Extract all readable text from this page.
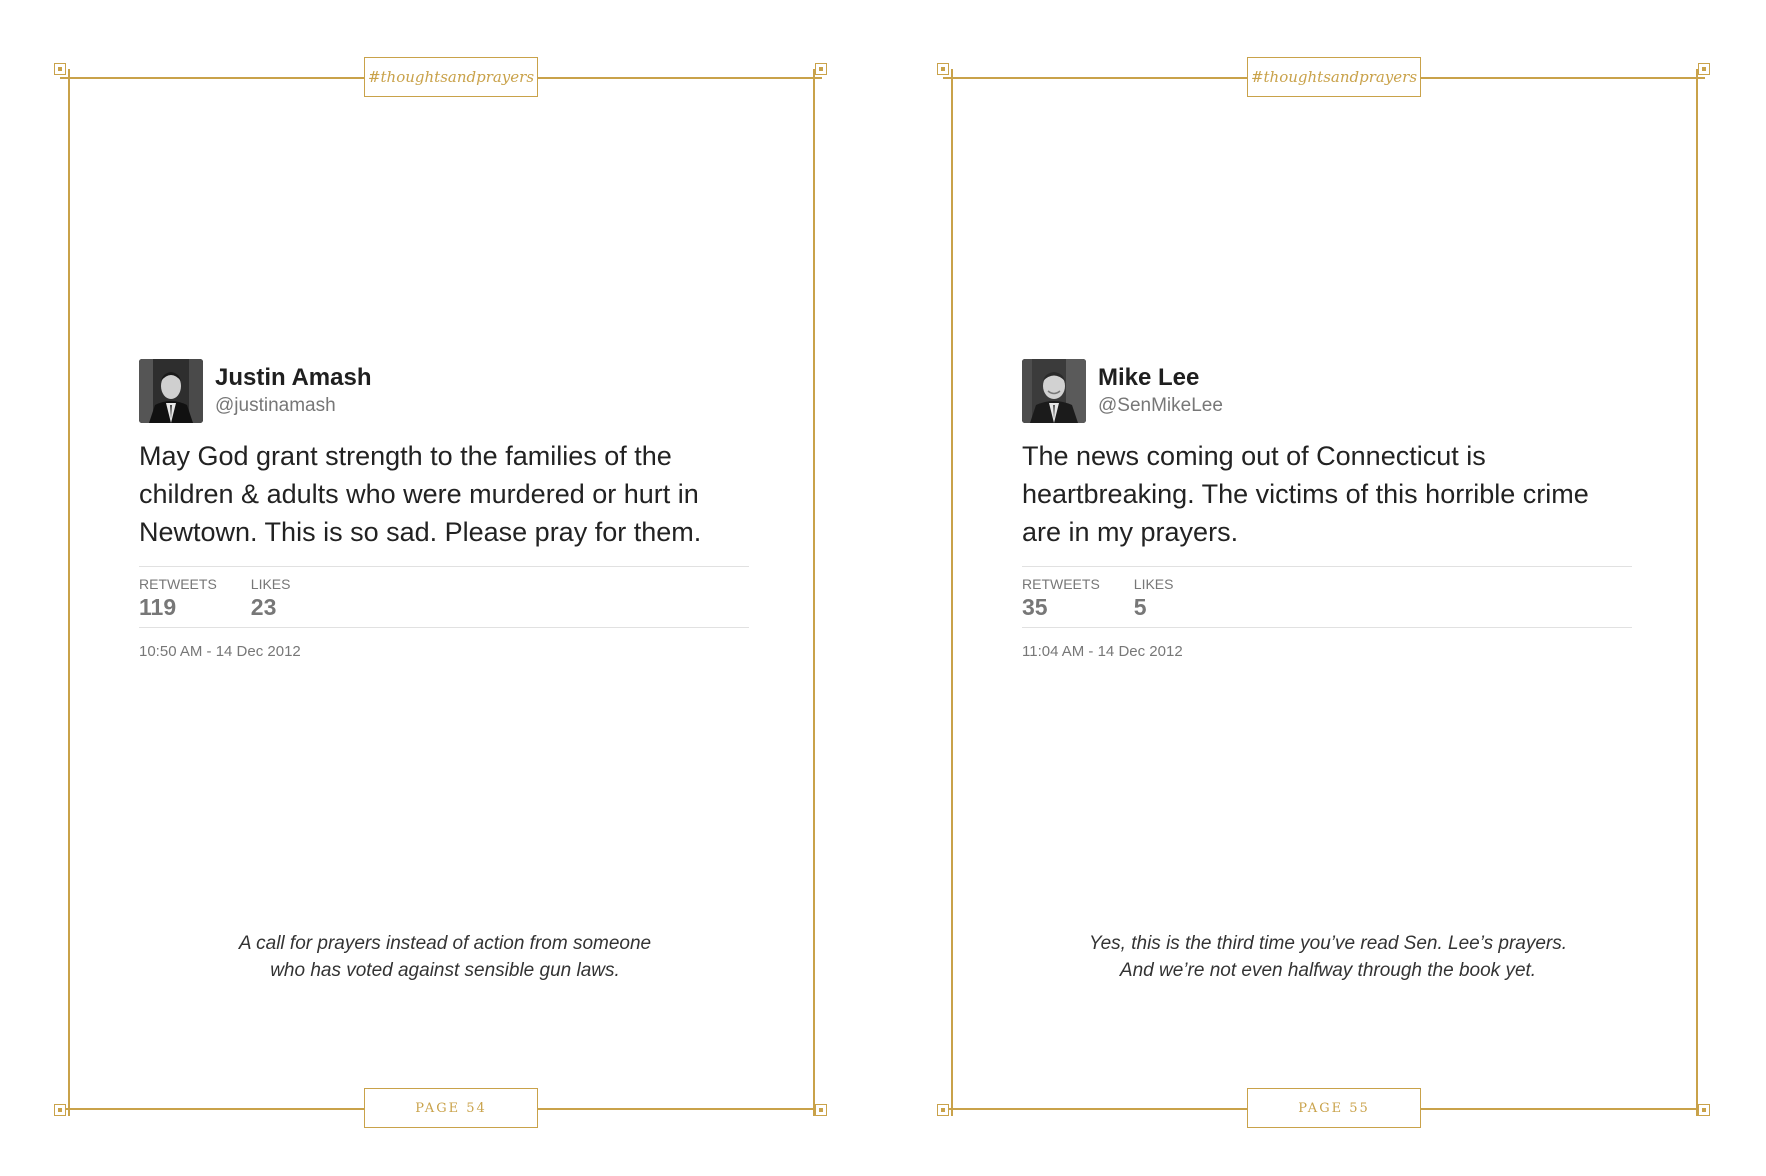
#thoughtsandprayers
Justin Amash
@justinamash
May God grant strength to the families of the children & adults who were murdered or hurt in Newtown. This is so sad. Please pray for them.
RETWEETS
119
LIKES
23
10:50 AM - 14 Dec 2012
A call for prayers instead of action from someone
who has voted against sensible gun laws.
PAGE 54
#thoughtsandprayers
Mike Lee
@SenMikeLee
The news coming out of Connecticut is heartbreaking. The victims of this horrible crime are in my prayers.
RETWEETS
35
LIKES
5
11:04 AM - 14 Dec 2012
Yes, this is the third time you’ve read Sen. Lee’s prayers.
And we’re not even halfway through the book yet.
PAGE 55
